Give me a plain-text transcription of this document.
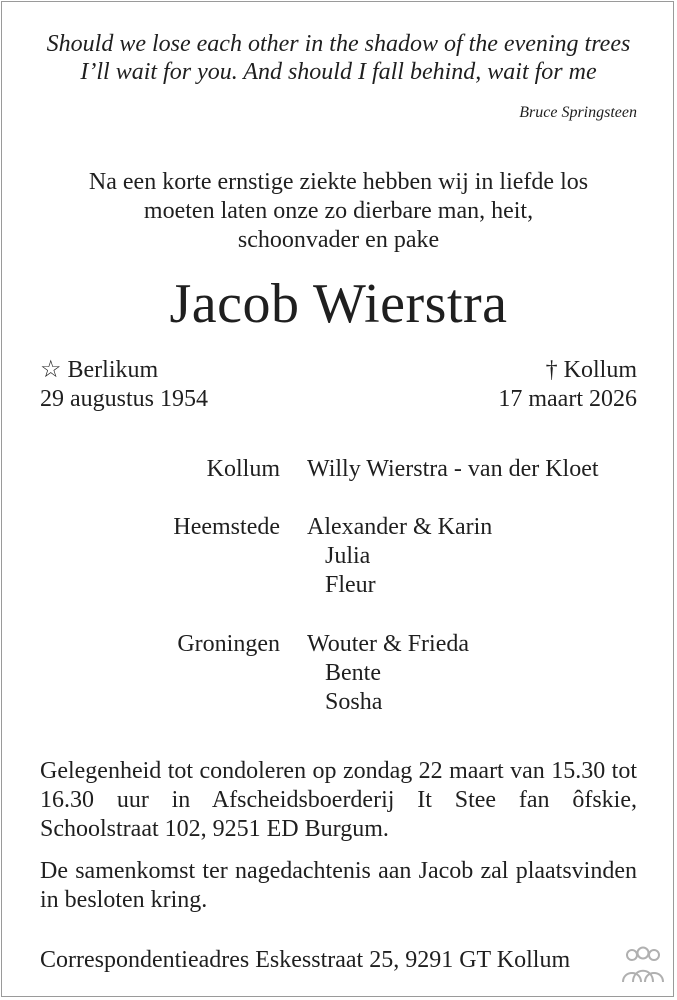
Should we lose each other in the shadow of the evening trees
I’ll wait for you. And should I fall behind, wait for me
Bruce Springsteen
Na een korte ernstige ziekte hebben wij in liefde los
moeten laten onze zo dierbare man, heit,
schoonvader en pake
Jacob Wierstra
☆ Berlikum
29 augustus 1954
† Kollum
17 maart 2026
Kollum Willy Wierstra - van der Kloet
Heemstede Alexander & Karin
Julia
Fleur
Groningen Wouter & Frieda
Bente
Sosha
Gelegenheid tot condoleren op zondag 22 maart van 15.30 tot 16.30 uur in Afscheidsboerderij It Stee fan ôfskie, Schoolstraat 102, 9251 ED Burgum.
De samenkomst ter nagedachtenis aan Jacob zal plaatsvinden in besloten kring.
Correspondentieadres Eskesstraat 25, 9291 GT Kollum
